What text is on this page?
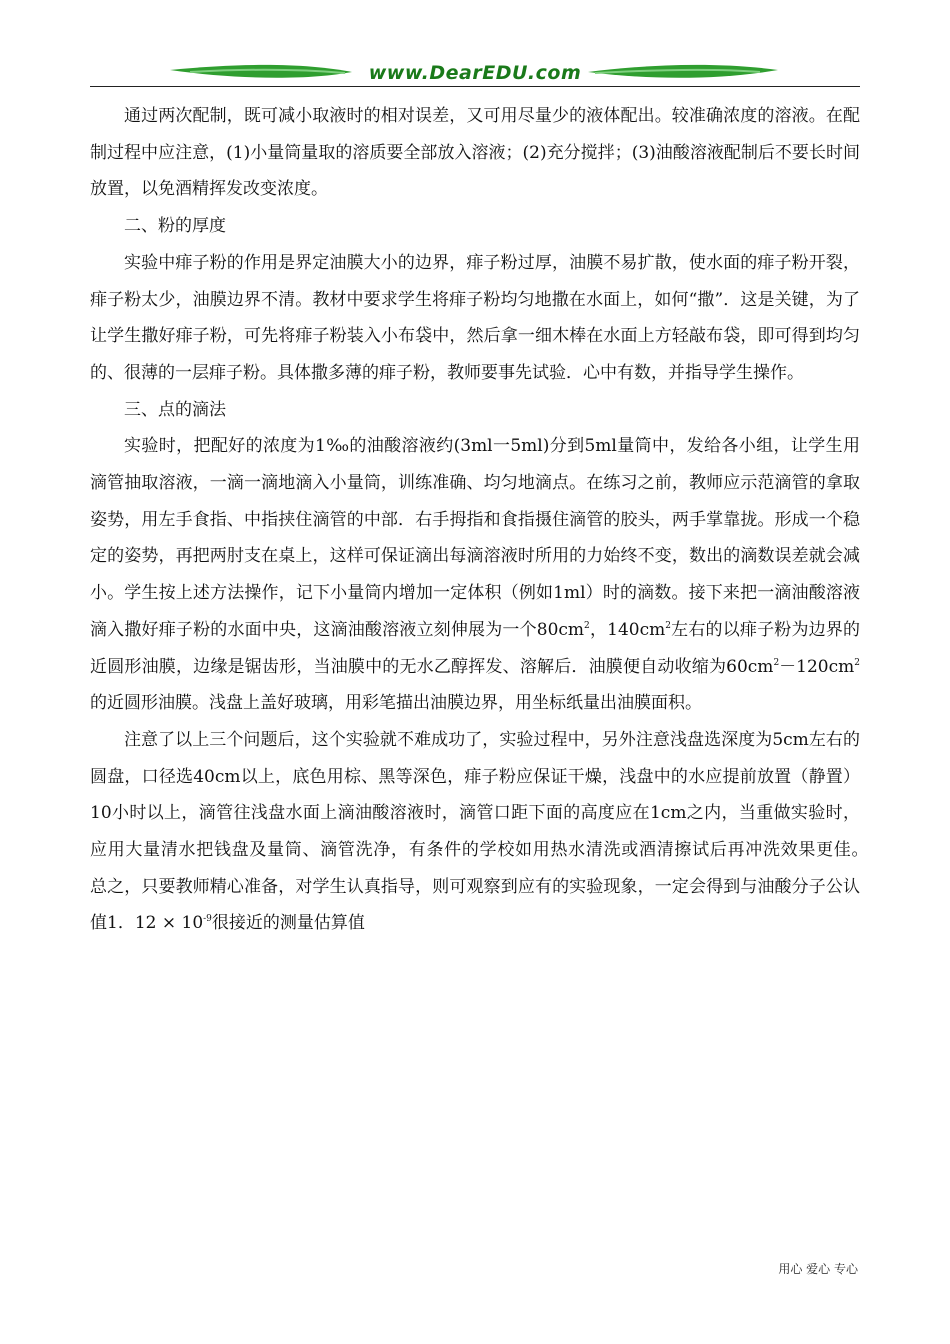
www.DearEDU.com

通过两次配制，既可减小取液时的相对误差，又可用尽量少的液体配出。较准确浓度的溶液。在配制过程中应注意，(1)小量筒量取的溶质要全部放入溶液；(2)充分搅拌；(3)油酸溶液配制后不要长时间放置，以免酒精挥发改变浓度。

二、粉的厚度

实验中痱子粉的作用是界定油膜大小的边界，痱子粉过厚，油膜不易扩散，使水面的痱子粉开裂，痱子粉太少，油膜边界不清。教材中要求学生将痱子粉均匀地撒在水面上，如何“撒”．这是关键，为了让学生撒好痱子粉，可先将痱子粉装入小布袋中，然后拿一细木棒在水面上方轻敲布袋，即可得到均匀的、很薄的一层痱子粉。具体撒多薄的痱子粉，教师要事先试验．心中有数，并指导学生操作。

三、点的滴法

实验时，把配好的浓度为1‰的油酸溶液约(3ml一5ml)分到5ml量筒中，发给各小组，让学生用滴管抽取溶液，一滴一滴地滴入小量筒，训练准确、均匀地滴点。在练习之前，教师应示范滴管的拿取姿势，用左手食指、中指挟住滴管的中部．右手拇指和食指摄住滴管的胶头，两手掌靠拢。形成一个稳定的姿势，再把两肘支在桌上，这样可保证滴出每滴溶液时所用的力始终不变，数出的滴数误差就会减小。学生按上述方法操作，记下小量筒内增加一定体积（例如1ml）时的滴数。接下来把一滴油酸溶液滴入撒好痱子粉的水面中央，这滴油酸溶液立刻伸展为一个$80cm^2$，$140cm^2$左右的以痱子粉为边界的近圆形油膜，边缘是锯齿形，当油膜中的无水乙醇挥发、溶解后．油膜便自动收缩为$60cm^2-120cm^2$的近圆形油膜。浅盘上盖好玻璃，用彩笔描出油膜边界，用坐标纸量出油膜面积。

注意了以上三个问题后，这个实验就不难成功了，实验过程中，另外注意浅盘选深度为5cm左右的圆盘，口径选40cm以上，底色用棕、黑等深色，痱子粉应保证干燥，浅盘中的水应提前放置（静置）10小时以上，滴管往浅盘水面上滴油酸溶液时，滴管口距下面的高度应在1cm之内，当重做实验时，应用大量清水把钱盘及量筒、滴管洗净，有条件的学校如用热水清洗或酒清擦试后再冲洗效果更佳。　　总之，只要教师精心准备，对学生认真指导，则可观察到应有的实验现象，一定会得到与油酸分子公认值1．$12 \times 10^{-9}$很接近的测量估算值

用心 爱心 专心
